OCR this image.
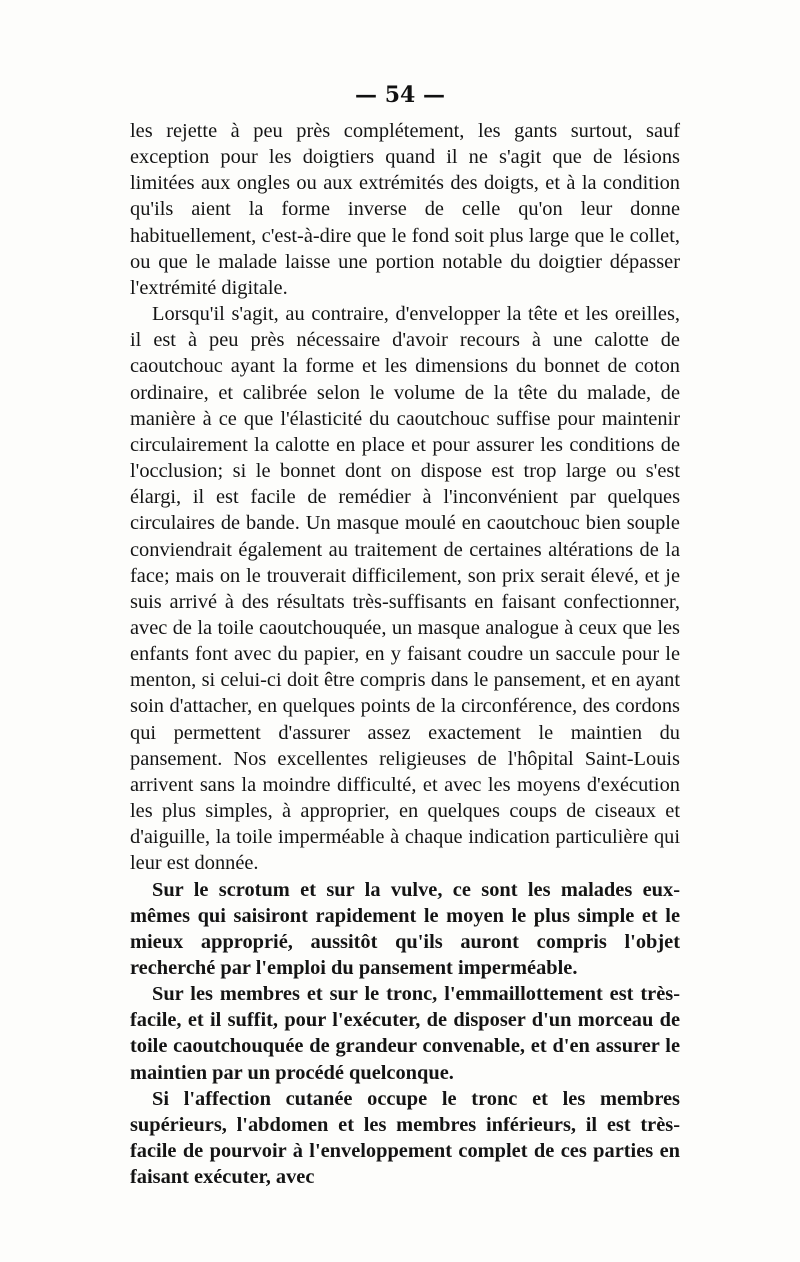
— 54 —

les rejette à peu près complétement, les gants surtout, sauf exception pour les doigtiers quand il ne s'agit que de lésions limitées aux ongles ou aux extrémités des doigts, et à la condition qu'ils aient la forme inverse de celle qu'on leur donne habituellement, c'est-à-dire que le fond soit plus large que le collet, ou que le malade laisse une portion notable du doigtier dépasser l'extrémité digitale.

Lorsqu'il s'agit, au contraire, d'envelopper la tête et les oreilles, il est à peu près nécessaire d'avoir recours à une calotte de caoutchouc ayant la forme et les dimensions du bonnet de coton ordinaire, et calibrée selon le volume de la tête du malade, de manière à ce que l'élasticité du caoutchouc suffise pour maintenir circulairement la calotte en place et pour assurer les conditions de l'occlusion; si le bonnet dont on dispose est trop large ou s'est élargi, il est facile de remédier à l'inconvénient par quelques circulaires de bande. Un masque moulé en caoutchouc bien souple conviendrait également au traitement de certaines altérations de la face; mais on le trouverait difficilement, son prix serait élevé, et je suis arrivé à des résultats très-suffisants en faisant confectionner, avec de la toile caoutchouquée, un masque analogue à ceux que les enfants font avec du papier, en y faisant coudre un saccule pour le menton, si celui-ci doit être compris dans le pansement, et en ayant soin d'attacher, en quelques points de la circonférence, des cordons qui permettent d'assurer assez exactement le maintien du pansement. Nos excellentes religieuses de l'hôpital Saint-Louis arrivent sans la moindre difficulté, et avec les moyens d'exécution les plus simples, à approprier, en quelques coups de ciseaux et d'aiguille, la toile imperméable à chaque indication particulière qui leur est donnée.

Sur le scrotum et sur la vulve, ce sont les malades eux-mêmes qui saisiront rapidement le moyen le plus simple et le mieux approprié, aussitôt qu'ils auront compris l'objet recherché par l'emploi du pansement imperméable.

Sur les membres et sur le tronc, l'emmaillottement est très-facile, et il suffit, pour l'exécuter, de disposer d'un morceau de toile caoutchouquée de grandeur convenable, et d'en assurer le maintien par un procédé quelconque.

Si l'affection cutanée occupe le tronc et les membres supérieurs, l'abdomen et les membres inférieurs, il est très-facile de pourvoir à l'enveloppement complet de ces parties en faisant exécuter, avec
